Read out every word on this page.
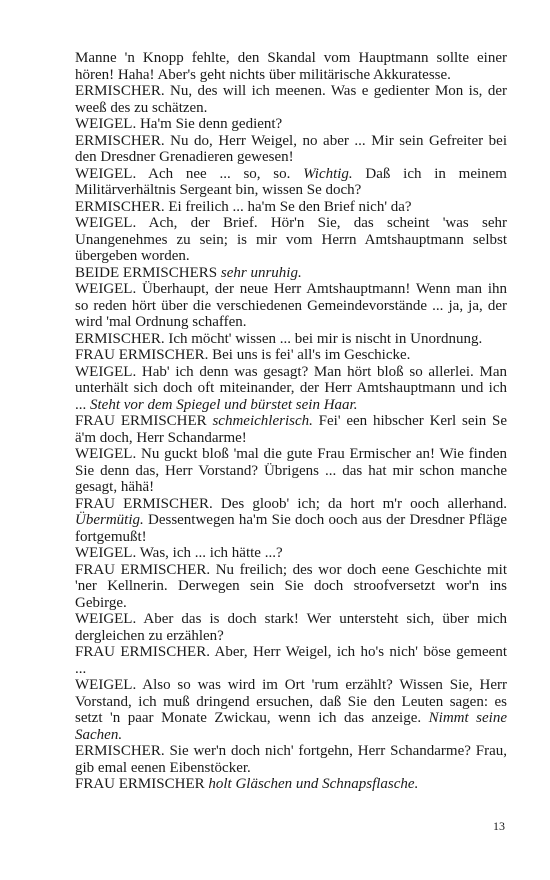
Manne 'n Knopp fehlte, den Skandal vom Hauptmann sollte einer hören! Haha! Aber's geht nichts über militärische Akkuratesse.

ERMISCHER. Nu, des will ich meenen. Was e gedienter Mon is, der weeß des zu schätzen.

WEIGEL. Ha'm Sie denn gedient?

ERMISCHER. Nu do, Herr Weigel, no aber ... Mir sein Gefreiter bei den Dresdner Grenadieren gewesen!

WEIGEL. Ach nee ... so, so. Wichtig. Daß ich in meinem Militärverhältnis Sergeant bin, wissen Se doch?

ERMISCHER. Ei freilich ... ha'm Se den Brief nich' da?

WEIGEL. Ach, der Brief. Hör'n Sie, das scheint 'was sehr Unangenehmes zu sein; is mir vom Herrn Amtshauptmann selbst übergeben worden.

BEIDE ERMISCHERS sehr unruhig.

WEIGEL. Überhaupt, der neue Herr Amtshauptmann! Wenn man ihn so reden hört über die verschiedenen Gemeindevorstände ... ja, ja, der wird 'mal Ordnung schaffen.

ERMISCHER. Ich möcht' wissen ... bei mir is nischt in Unordnung.

FRAU ERMISCHER. Bei uns is fei' all's im Geschicke.

WEIGEL. Hab' ich denn was gesagt? Man hört bloß so allerlei. Man unterhält sich doch oft miteinander, der Herr Amtshauptmann und ich ... Steht vor dem Spiegel und bürstet sein Haar.

FRAU ERMISCHER schmeichlerisch. Fei' een hibscher Kerl sein Se ä'm doch, Herr Schandarme!

WEIGEL. Nu guckt bloß 'mal die gute Frau Ermischer an! Wie finden Sie denn das, Herr Vorstand? Übrigens ... das hat mir schon manche gesagt, hähä!

FRAU ERMISCHER. Des gloob' ich; da hort m'r ooch allerhand. Übermütig. Dessentwegen ha'm Sie doch ooch aus der Dresdner Pfläge fortgemußt!

WEIGEL. Was, ich ... ich hätte ...?

FRAU ERMISCHER. Nu freilich; des wor doch eene Geschichte mit 'ner Kellnerin. Derwegen sein Sie doch stroofversetzt wor'n ins Gebirge.

WEIGEL. Aber das is doch stark! Wer untersteht sich, über mich dergleichen zu erzählen?

FRAU ERMISCHER. Aber, Herr Weigel, ich ho's nich' böse gemeent ...

WEIGEL. Also so was wird im Ort 'rum erzählt? Wissen Sie, Herr Vorstand, ich muß dringend ersuchen, daß Sie den Leuten sagen: es setzt 'n paar Monate Zwickau, wenn ich das anzeige. Nimmt seine Sachen.

ERMISCHER. Sie wer'n doch nich' fortgehn, Herr Schandarme? Frau, gib emal eenen Eibenstöcker.

FRAU ERMISCHER holt Gläschen und Schnapsflasche.

13
